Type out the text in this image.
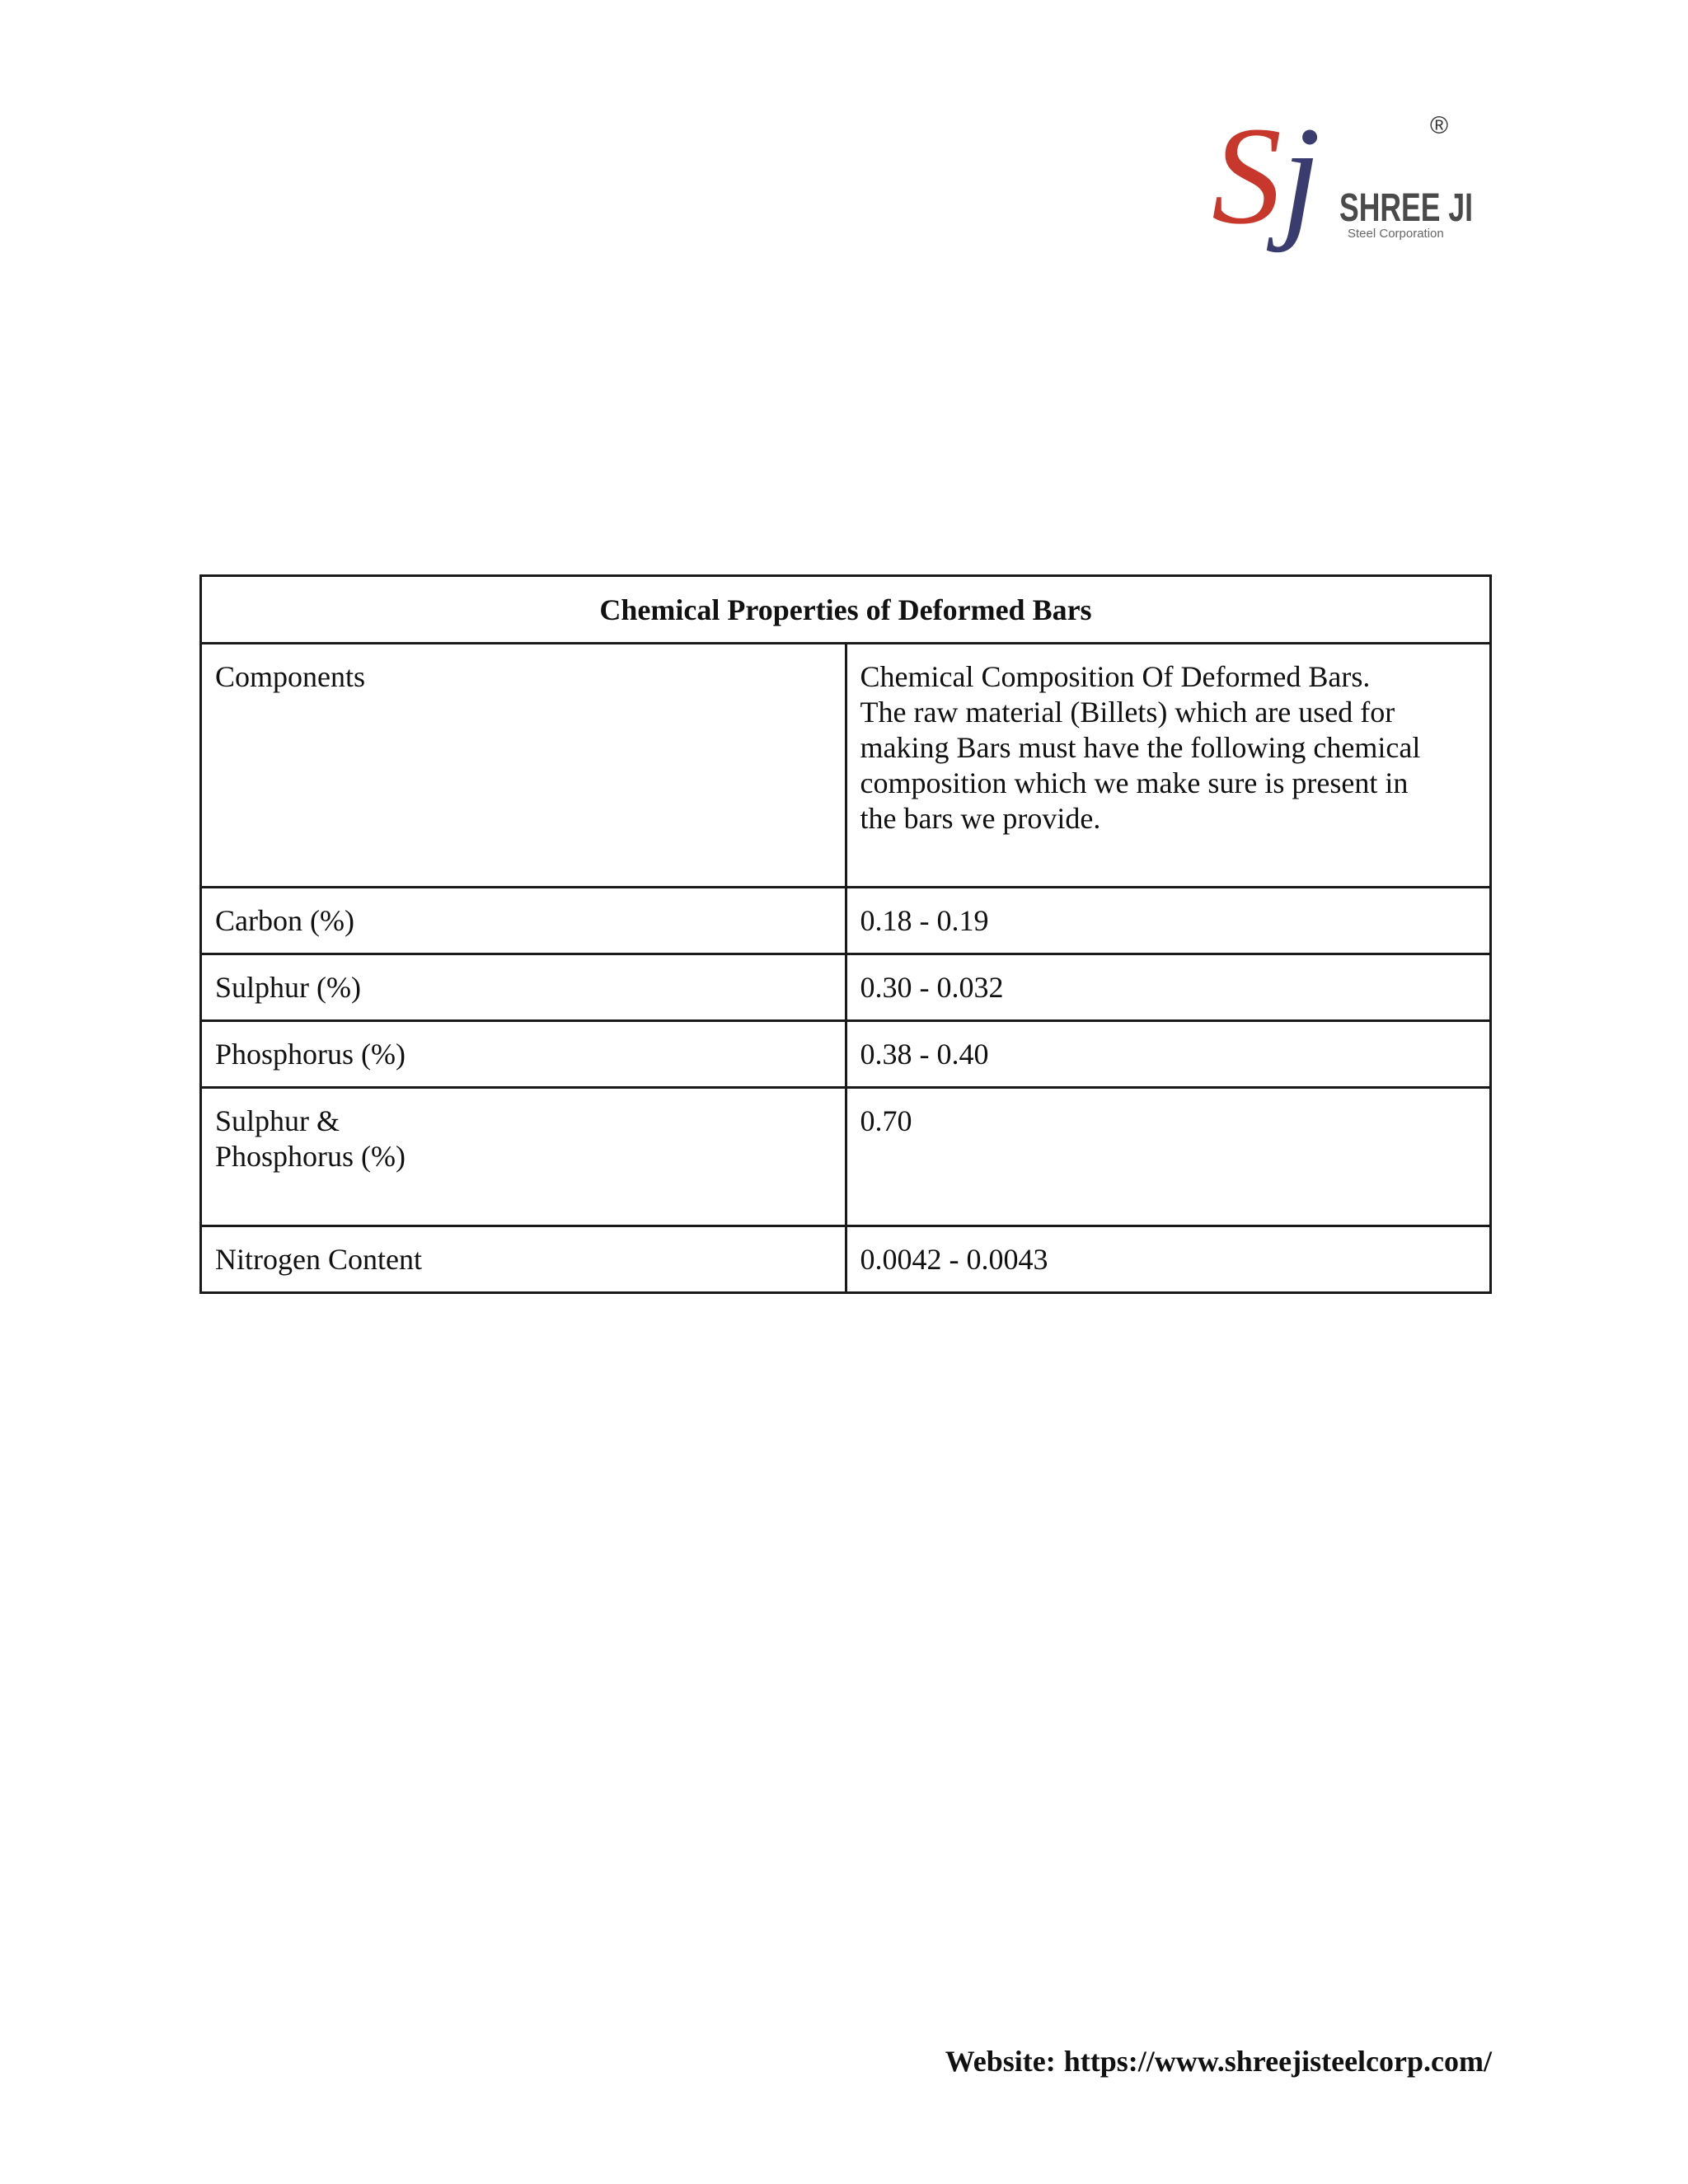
Sj	®
SHREE JI
Steel Corporation
Chemical Properties of Deformed Bars	
Components	Chemical Composition Of Deformed Bars.
The raw material (Billets) which are used for
making Bars must have the following chemical
composition which we make sure is present in
the bars we provide.

Carbon (%)	0.18 - 0.19
Sulphur (%)	0.30 - 0.032
Phosphorus (%)	0.38 - 0.40

Sulphur &
Phosphorus (%)	0.70
Nitrogen Content	0.0042 - 0.0043
Website: https://www.shreejisteelcorp.com/
